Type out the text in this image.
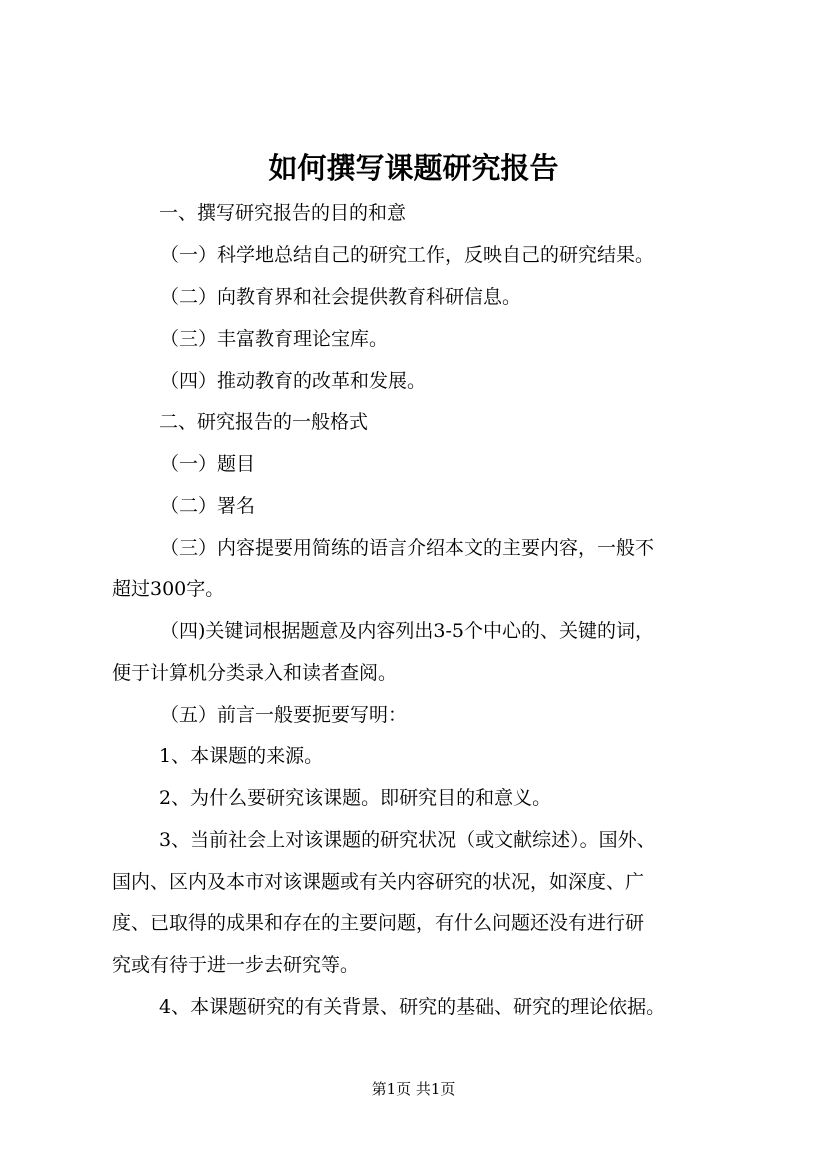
如何撰写课题研究报告
一、撰写研究报告的目的和意
（一）科学地总结自己的研究工作，反映自己的研究结果。
（二）向教育界和社会提供教育科研信息。
（三）丰富教育理论宝库。
（四）推动教育的改革和发展。
二、研究报告的一般格式
（一）题目
（二）署名
（三）内容提要用简练的语言介绍本文的主要内容，一般不
超过300字。
（四)关键词根据题意及内容列出3-5个中心的、关键的词，
便于计算机分类录入和读者查阅。
（五）前言一般要扼要写明：
1、本课题的来源。
2、为什么要研究该课题。即研究目的和意义。
3、当前社会上对该课题的研究状况（或文献综述）。国外、
国内、区内及本市对该课题或有关内容研究的状况，如深度、广
度、已取得的成果和存在的主要问题，有什么问题还没有进行研
究或有待于进一步去研究等。
4、本课题研究的有关背景、研究的基础、研究的理论依据。
第1页 共1页
